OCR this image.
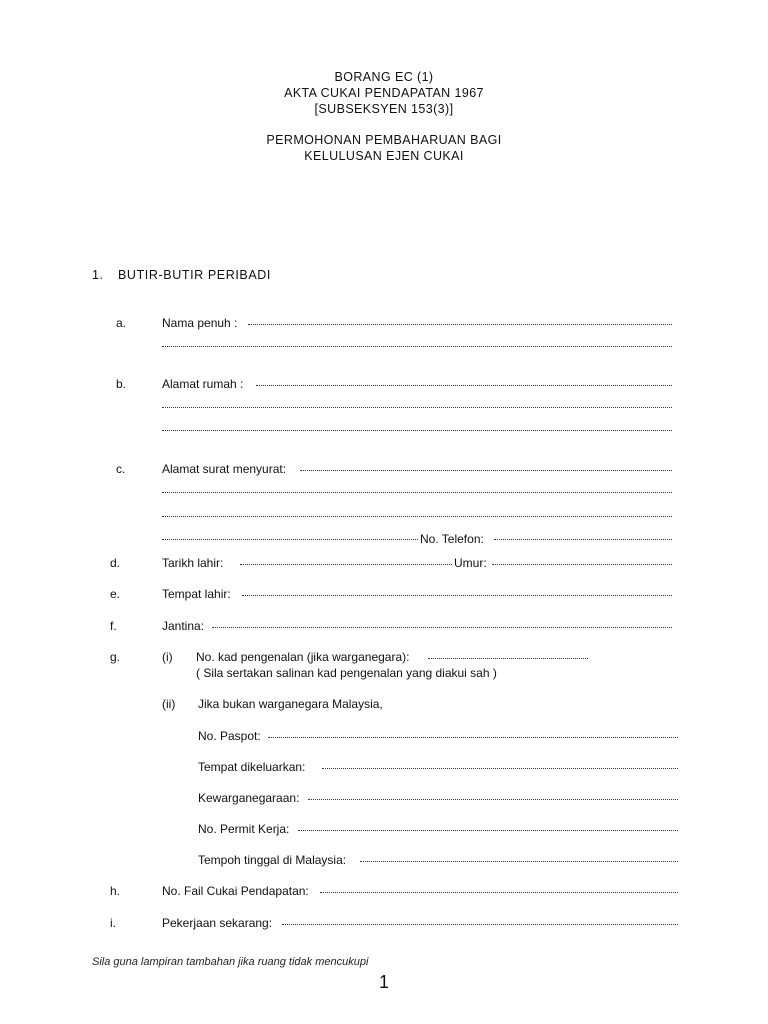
BORANG EC (1)
AKTA CUKAI PENDAPATAN 1967
[SUBSEKSYEN 153(3)]
PERMOHONAN PEMBAHARUAN BAGI
KELULUSAN EJEN CUKAI
1. BUTIR-BUTIR PERIBADI
a.	Nama penuh :
b.	Alamat rumah :
c.	Alamat surat menyurat:
No. Telefon:
d.	Tarikh lahir:	Umur:
e.	Tempat lahir:
f.	Jantina:
g.	(i) No. kad pengenalan (jika warganegara):
( Sila sertakan salinan kad pengenalan yang diakui sah )
(ii) Jika bukan warganegara Malaysia,
No. Paspot:
Tempat dikeluarkan:
Kewarganegaraan:
No. Permit Kerja:
Tempoh tinggal di Malaysia:
h.	No. Fail Cukai Pendapatan:
i.	Pekerjaan sekarang:
Sila guna lampiran tambahan jika ruang tidak mencukupi
1
